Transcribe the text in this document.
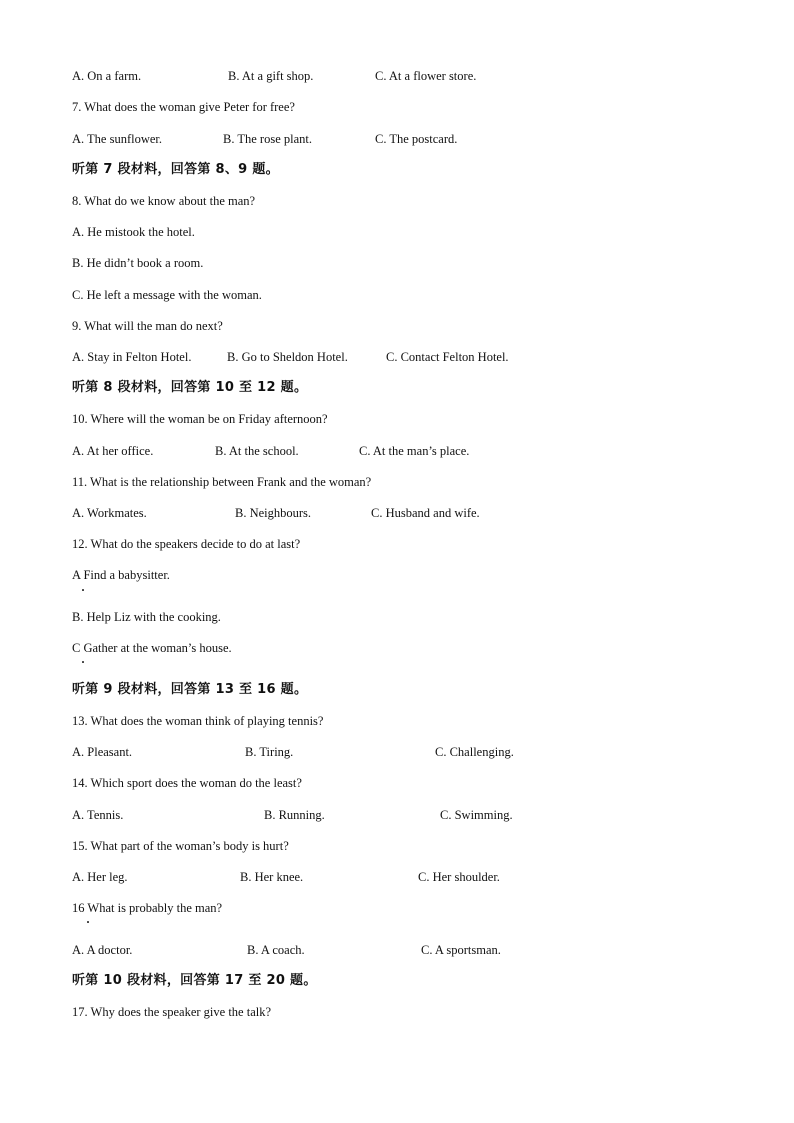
A. On a farm.	B. At a gift shop.	C. At a flower store.
7. What does the woman give Peter for free?
A. The sunflower.	B. The rose plant.	C. The postcard.
听第 7 段材料，回答第 8、9 题。
8. What do we know about the man?
A. He mistook the hotel.
B. He didn’t book a room.
C. He left a message with the woman.
9. What will the man do next?
A. Stay in Felton Hotel.	B. Go to Sheldon Hotel.	C. Contact Felton Hotel.
听第 8 段材料，回答第 10 至 12 题。
10. Where will the woman be on Friday afternoon?
A. At her office.	B. At the school.	C. At the man’s place.
11. What is the relationship between Frank and the woman?
A. Workmates.	B. Neighbours.	C. Husband and wife.
12. What do the speakers decide to do at last?
A Find a babysitter.
B. Help Liz with the cooking.
C Gather at the woman’s house.
听第 9 段材料，回答第 13 至 16 题。
13. What does the woman think of playing tennis?
A. Pleasant.	B. Tiring.	C. Challenging.
14. Which sport does the woman do the least?
A. Tennis.	B. Running.	C. Swimming.
15. What part of the woman’s body is hurt?
A. Her leg.	B. Her knee.	C. Her shoulder.
16 What is probably the man?
A. A doctor.	B. A coach.	C. A sportsman.
听第 10 段材料，回答第 17 至 20 题。
17. Why does the speaker give the talk?
